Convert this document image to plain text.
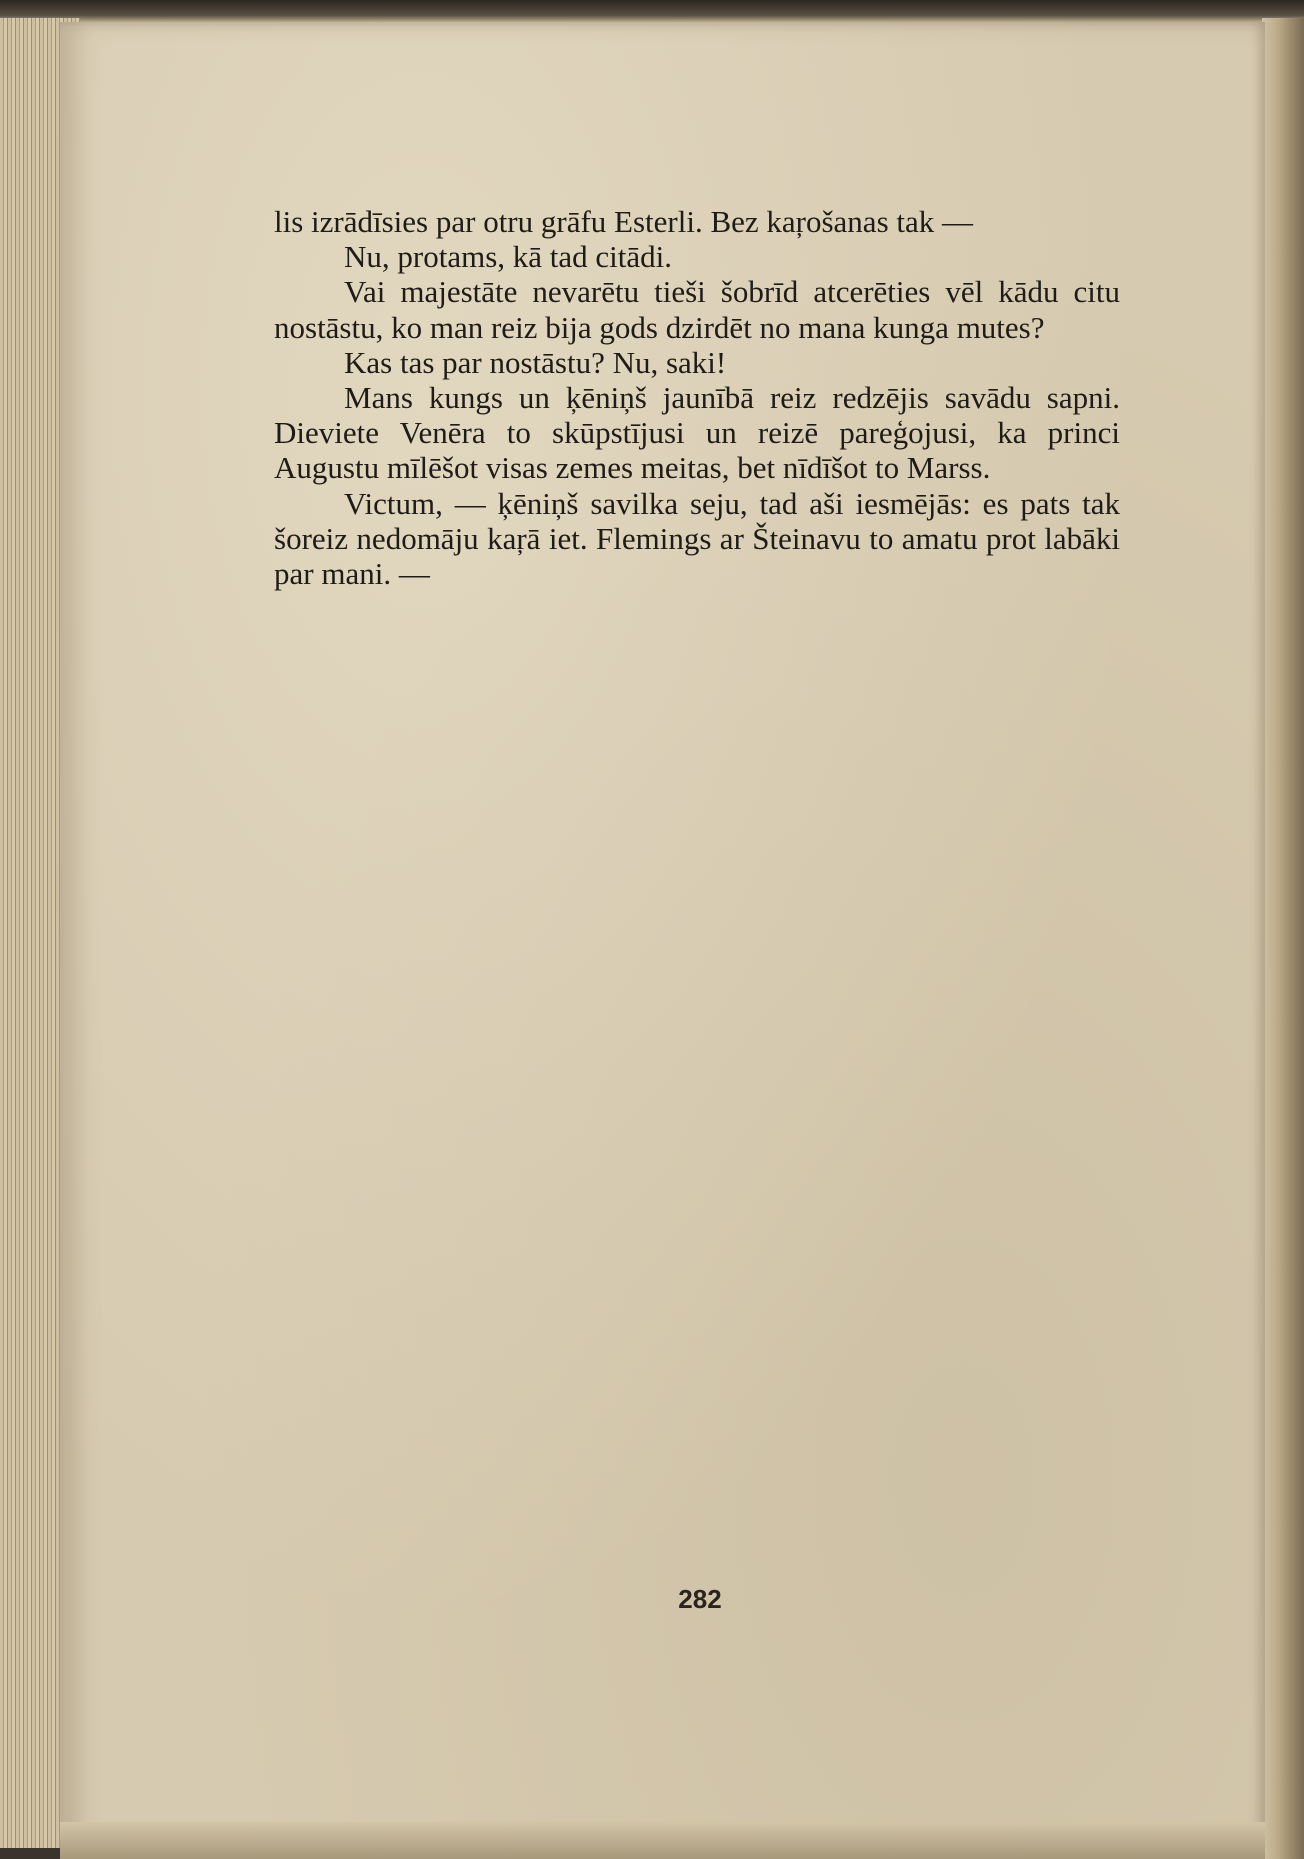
lis izrādīsies par otru grāfu Esterli. Bez kaŗošanas tak —

Nu, protams, kā tad citādi.

Vai majestāte nevarētu tieši šobrīd atcerēties vēl kādu citu nostāstu, ko man reiz bija gods dzirdēt no mana kunga mutes?

Kas tas par nostāstu? Nu, saki!

Mans kungs un ķēniņš jaunībā reiz redzējis savādu sapni. Dieviete Venēra to skūpstījusi un reizē pareģojusi, ka princi Augustu mīlēšot visas zemes meitas, bet nīdīšot to Marss.

Victum, — ķēniņš savilka seju, tad aši iesmējās: es pats tak šoreiz nedomāju kaŗā iet. Flemings ar Šteinavu to amatu prot labāki par mani. —

282
